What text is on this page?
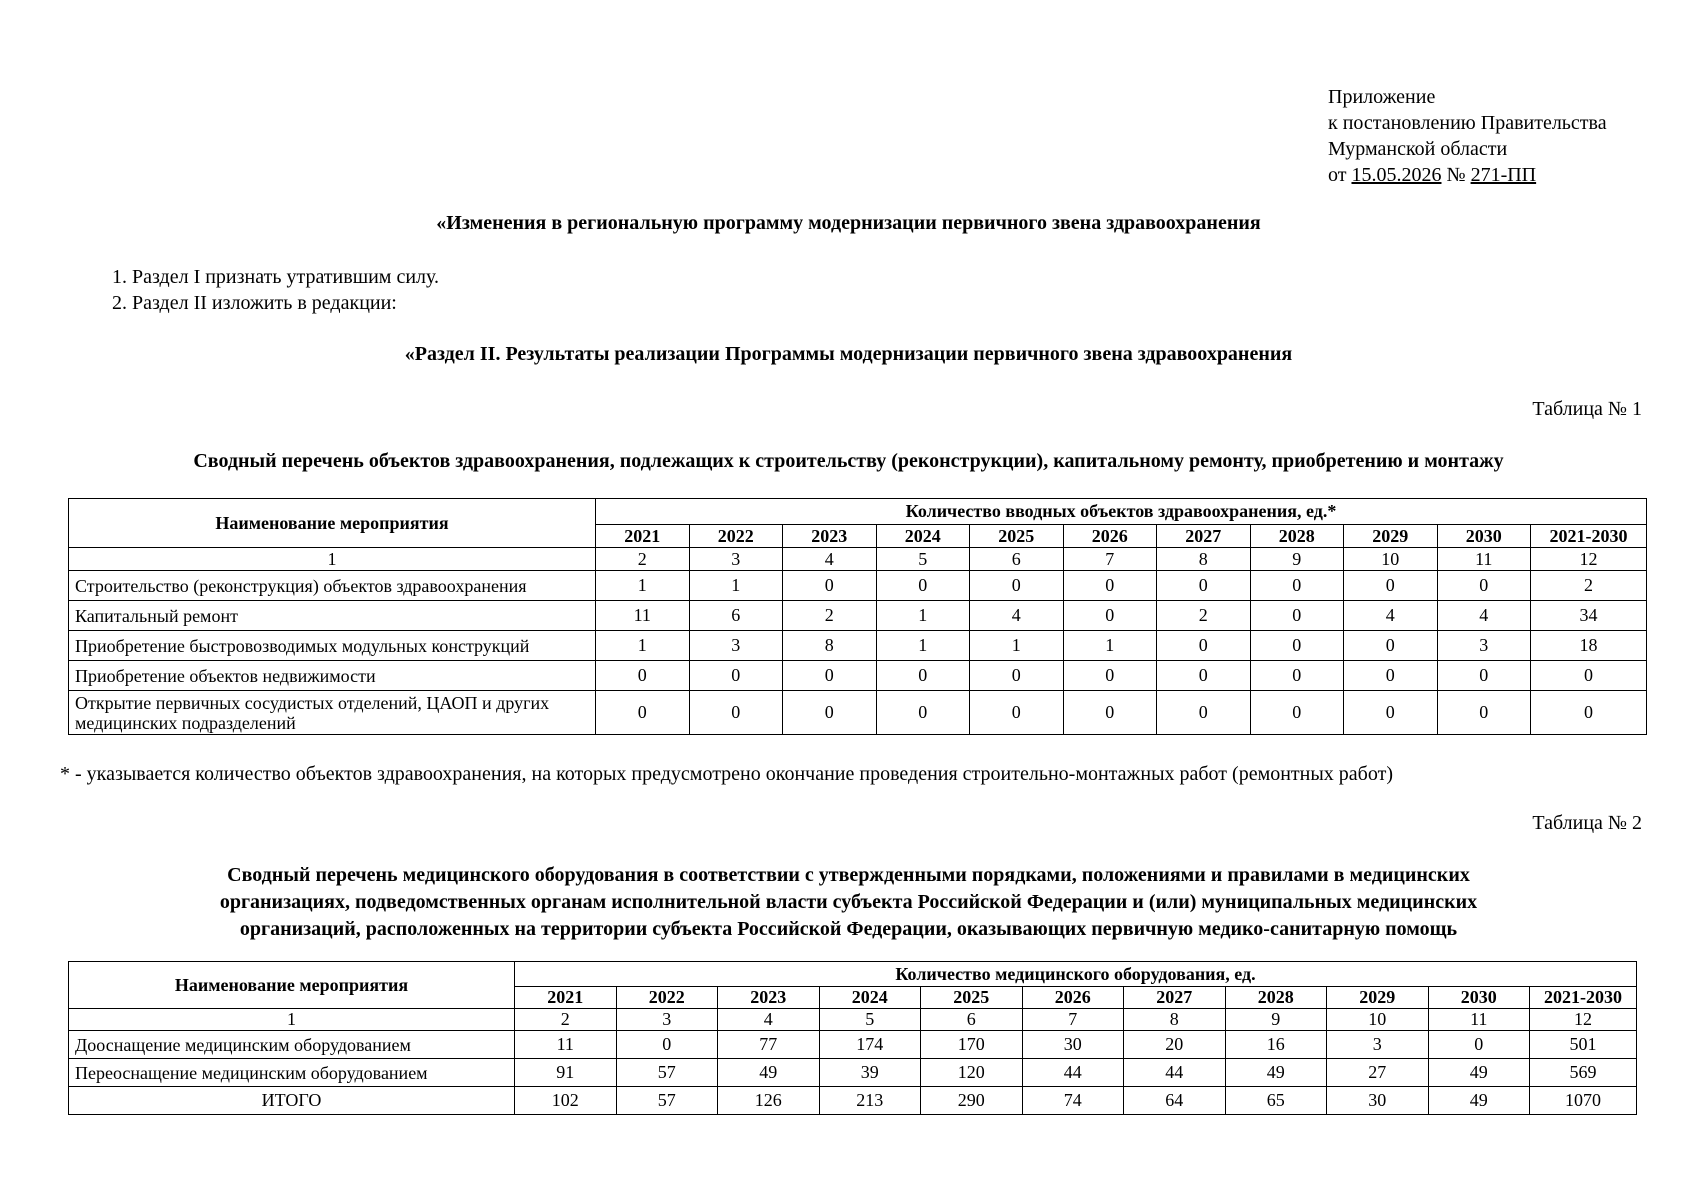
Приложение
к постановлению Правительства
Мурманской области
от 15.05.2026 № 271-ПП
«Изменения в региональную программу модернизации первичного звена здравоохранения
1. Раздел I признать утратившим силу.
2. Раздел II изложить в редакции:
«Раздел II. Результаты реализации Программы модернизации первичного звена здравоохранения
Таблица № 1
Сводный перечень объектов здравоохранения, подлежащих к строительству (реконструкции), капитальному ремонту, приобретению и монтажу
Наименование мероприятия	Количество вводных объектов здравоохранения, ед.*										
	2021	2022	2023	2024	2025	2026	2027	2028	2029	2030	2021-2030
1	2	3	4	5	6	7	8	9	10	11	12
Строительство (реконструкция) объектов здравоохранения	1	1	0	0	0	0	0	0	0	0	2
Капитальный ремонт	11	6	2	1	4	0	2	0	4	4	34
Приобретение быстровозводимых модульных конструкций	1	3	8	1	1	1	0	0	0	3	18
Приобретение объектов недвижимости	0	0	0	0	0	0	0	0	0	0	0
Открытие первичных сосудистых отделений, ЦАОП и других медицинских подразделений	0	0	0	0	0	0	0	0	0	0	0
* - указывается количество объектов здравоохранения, на которых предусмотрено окончание проведения строительно-монтажных работ (ремонтных работ)
Таблица № 2
Сводный перечень медицинского оборудования в соответствии с утвержденными порядками, положениями и правилами в медицинских
организациях, подведомственных органам исполнительной власти субъекта Российской Федерации и (или) муниципальных медицинских
организаций, расположенных на территории субъекта Российской Федерации, оказывающих первичную медико-санитарную помощь
Наименование мероприятия	Количество медицинского оборудования, ед.										
	2021	2022	2023	2024	2025	2026	2027	2028	2029	2030	2021-2030
1	2	3	4	5	6	7	8	9	10	11	12
Дооснащение медицинским оборудованием	11	0	77	174	170	30	20	16	3	0	501
Переоснащение медицинским оборудованием	91	57	49	39	120	44	44	49	27	49	569
ИТОГО	102	57	126	213	290	74	64	65	30	49	1070
